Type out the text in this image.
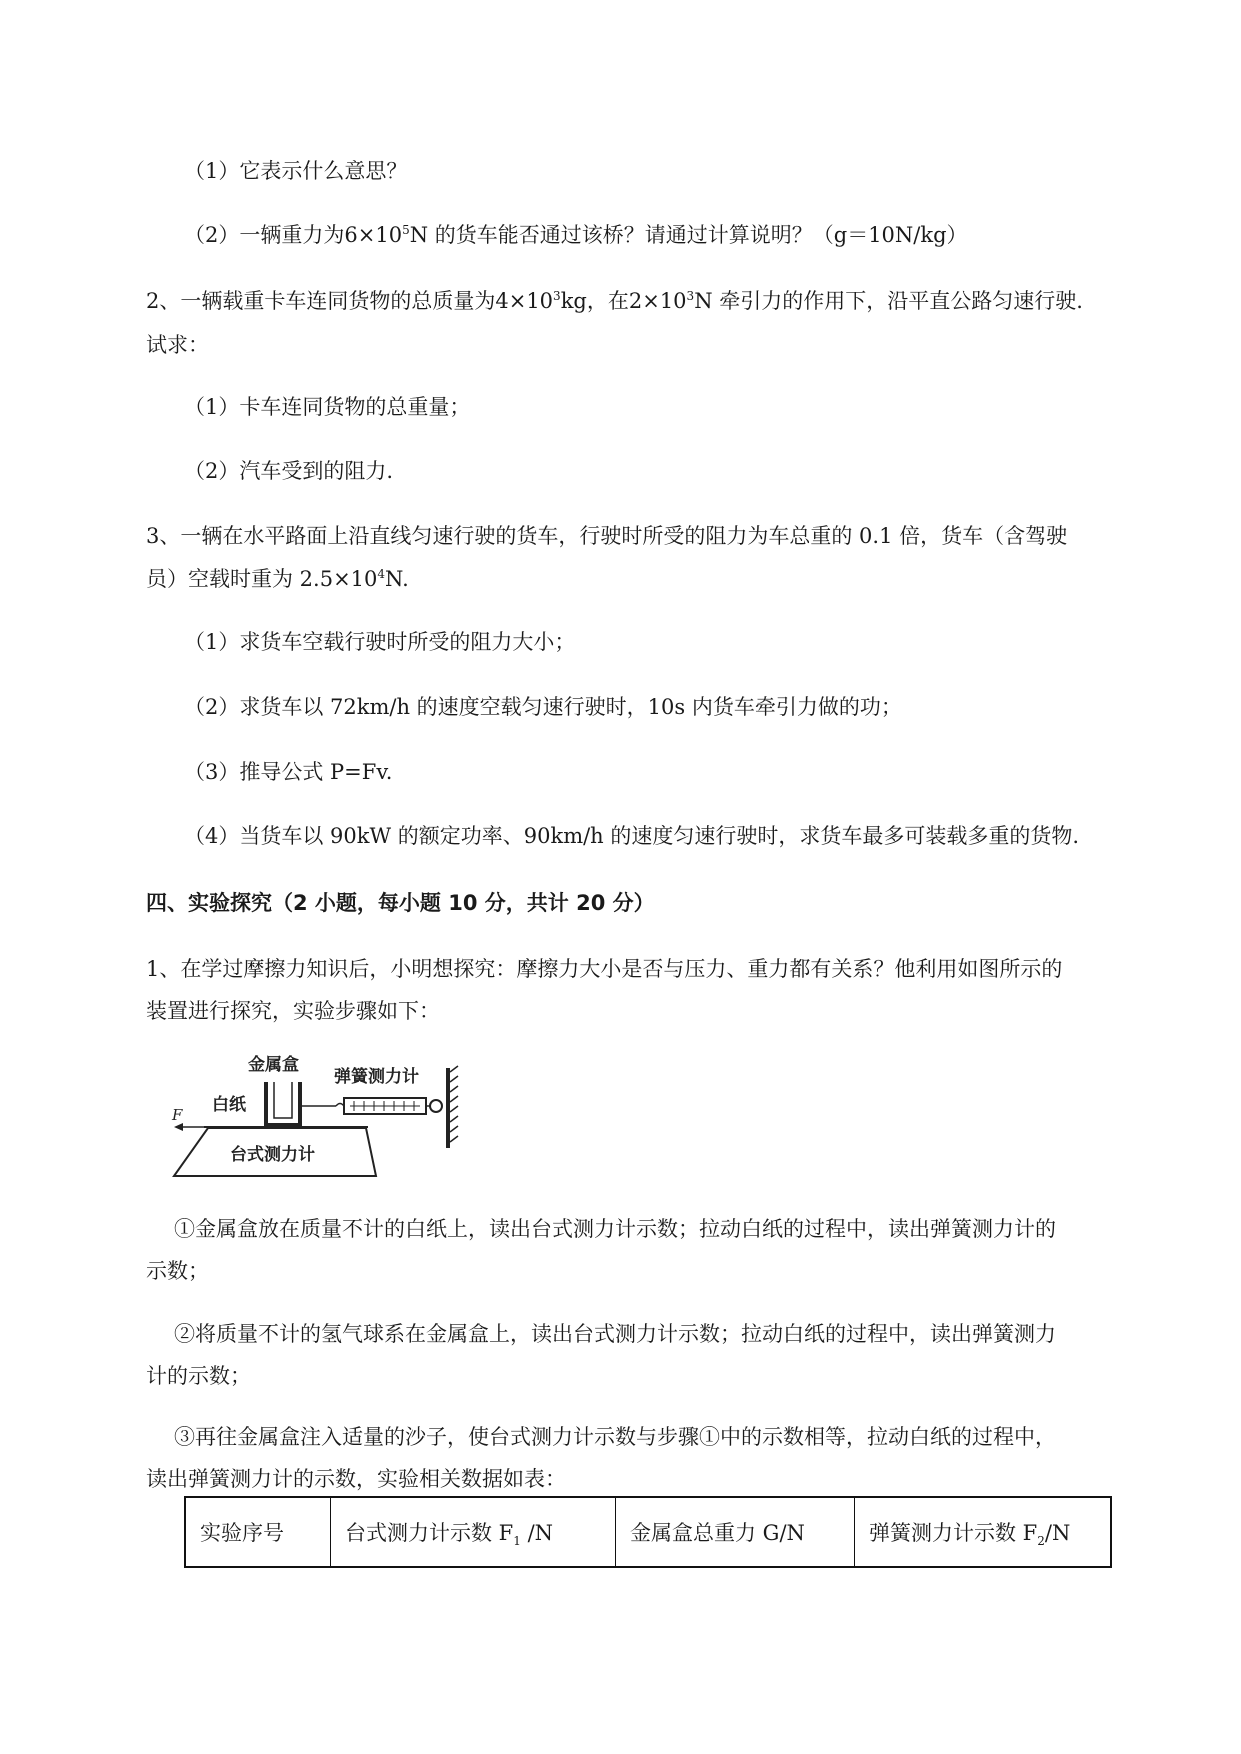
（1）它表示什么意思？
（2）一辆重力为$6\times 10^5N$ 的货车能否通过该桥？请通过计算说明？（g＝10N/kg）
2、一辆载重卡车连同货物的总质量为$4\times 10^3kg$，在$2\times 10^3N$ 牵引力的作用下，沿平直公路匀速行驶.
试求：
（1）卡车连同货物的总重量；
（2）汽车受到的阻力.
3、一辆在水平路面上沿直线匀速行驶的货车，行驶时所受的阻力为车总重的 0.1 倍，货车（含驾驶
员）空载时重为 $2.5\times 10^4N$.
（1）求货车空载行驶时所受的阻力大小；
（2）求货车以 72km/h 的速度空载匀速行驶时，10s 内货车牵引力做的功；
（3）推导公式 P=Fv.
（4）当货车以 90kW 的额定功率、90km/h 的速度匀速行驶时，求货车最多可装载多重的货物.
四、实验探究（2 小题，每小题 10 分，共计 20 分）
1、在学过摩擦力知识后，小明想探究：摩擦力大小是否与压力、重力都有关系？他利用如图所示的
装置进行探究，实验步骤如下：
台式测力计
白纸
F
金属盒
弹簧测力计
①金属盒放在质量不计的白纸上，读出台式测力计示数；拉动白纸的过程中，读出弹簧测力计的
示数；
②将质量不计的氢气球系在金属盒上，读出台式测力计示数；拉动白纸的过程中，读出弹簧测力
计的示数；
③再往金属盒注入适量的沙子，使台式测力计示数与步骤①中的示数相等，拉动白纸的过程中，
读出弹簧测力计的示数，实验相关数据如表：
实验序号	台式测力计示数 $F_1$ /N	金属盒总重力 G/N	弹簧测力计示数 $F_2/N$
